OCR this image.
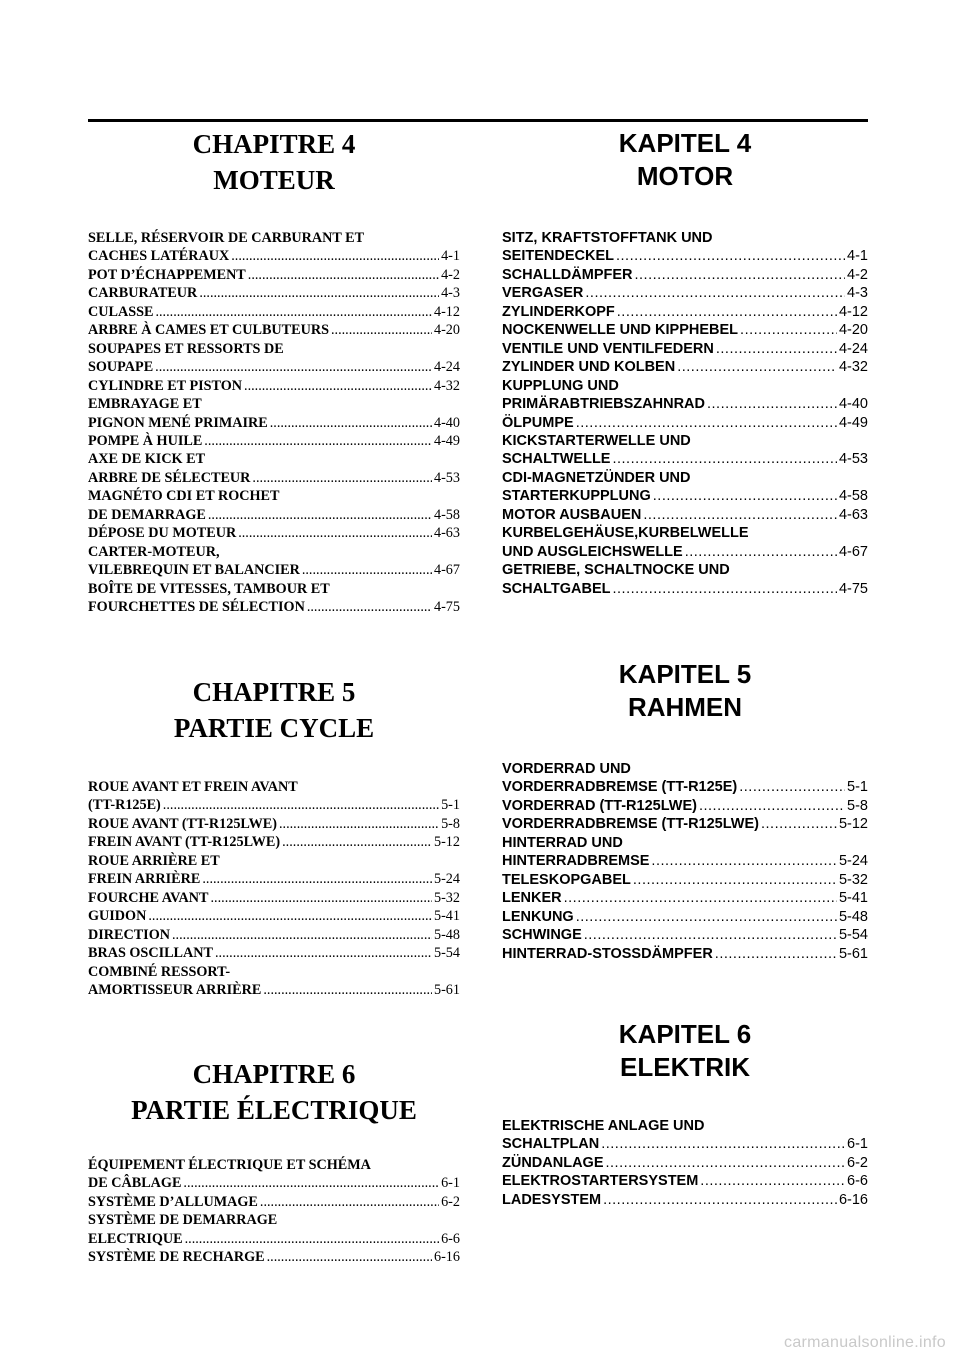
CHAPITRE 4
MOTEUR
SELLE, RÉSERVOIR DE CARBURANT ET
CACHES LATÉRAUX .....	4-1
POT D’ÉCHAPPEMENT .....	4-2
CARBURATEUR .....	4-3
CULASSE .....	4-12
ARBRE À CAMES ET CULBUTEURS .....	4-20
SOUPAPES ET RESSORTS DE
SOUPAPE .....	4-24
CYLINDRE ET PISTON .....	4-32
EMBRAYAGE ET
PIGNON MENÉ PRIMAIRE .....	4-40
POMPE À HUILE .....	4-49
AXE DE KICK ET
ARBRE DE SÉLECTEUR .....	4-53
MAGNÉTO CDI ET ROCHET
DE DEMARRAGE .....	4-58
DÉPOSE DU MOTEUR .....	4-63
CARTER-MOTEUR,
VILEBREQUIN ET BALANCIER .....	4-67
BOÎTE DE VITESSES, TAMBOUR ET
FOURCHETTES DE SÉLECTION .....	4-75
CHAPITRE 5
PARTIE CYCLE
ROUE AVANT ET FREIN AVANT
(TT-R125E) .....	5-1
ROUE AVANT (TT-R125LWE) .....	5-8
FREIN AVANT (TT-R125LWE) .....	5-12
ROUE ARRIÈRE ET
FREIN ARRIÈRE .....	5-24
FOURCHE AVANT .....	5-32
GUIDON .....	5-41
DIRECTION .....	5-48
BRAS OSCILLANT .....	5-54
COMBINÉ RESSORT-
AMORTISSEUR ARRIÈRE .....	5-61
CHAPITRE 6
PARTIE ÉLECTRIQUE
ÉQUIPEMENT ÉLECTRIQUE ET SCHÉMA
DE CÂBLAGE .....	6-1
SYSTÈME D’ALLUMAGE .....	6-2
SYSTÈME DE DEMARRAGE
ELECTRIQUE .....	6-6
SYSTÈME DE RECHARGE .....	6-16
KAPITEL 4
MOTOR
SITZ, KRAFTSTOFFTANK UND
SEITENDECKEL .....	4-1
SCHALLDÄMPFER .....	4-2
VERGASER .....	4-3
ZYLINDERKOPF .....	4-12
NOCKENWELLE UND KIPPHEBEL .....	4-20
VENTILE UND VENTILFEDERN .....	4-24
ZYLINDER UND KOLBEN .....	4-32
KUPPLUNG UND
PRIMÄRABTRIEBSZAHNRAD .....	4-40
ÖLPUMPE .....	4-49
KICKSTARTERWELLE UND
SCHALTWELLE .....	4-53
CDI-MAGNETZÜNDER UND
STARTERKUPPLUNG .....	4-58
MOTOR AUSBAUEN .....	4-63
KURBELGEHÄUSE,KURBELWELLE
UND AUSGLEICHSWELLE .....	4-67
GETRIEBE, SCHALTNOCKE UND
SCHALTGABEL .....	4-75
KAPITEL 5
RAHMEN
VORDERRAD UND
VORDERRADBREMSE (TT-R125E) .....	5-1
VORDERRAD (TT-R125LWE) .....	5-8
VORDERRADBREMSE (TT-R125LWE) .....	5-12
HINTERRAD UND
HINTERRADBREMSE .....	5-24
TELESKOPGABEL .....	5-32
LENKER .....	5-41
LENKUNG .....	5-48
SCHWINGE .....	5-54
HINTERRAD-STOSSDÄMPFER .....	5-61
KAPITEL 6
ELEKTRIK
ELEKTRISCHE ANLAGE UND
SCHALTPLAN .....	6-1
ZÜNDANLAGE .....	6-2
ELEKTROSTARTERSYSTEM .....	6-6
LADESYSTEM .....	6-16
carmanualsonline.info
